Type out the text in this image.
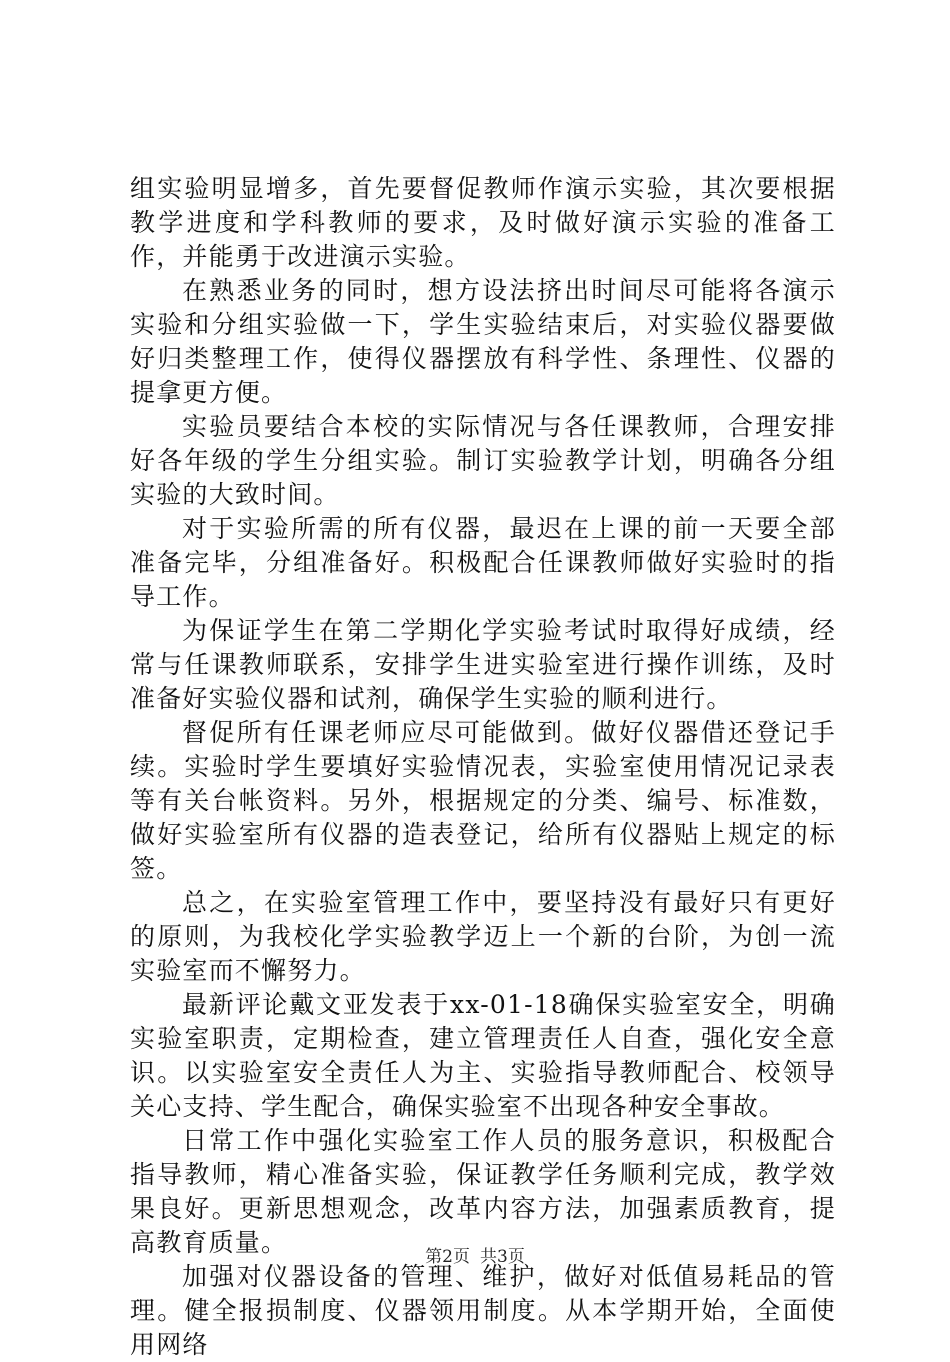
组实验明显增多，首先要督促教师作演示实验，其次要根据教学进度和学科教师的要求，及时做好演示实验的准备工作，并能勇于改进演示实验。

在熟悉业务的同时，想方设法挤出时间尽可能将各演示实验和分组实验做一下，学生实验结束后，对实验仪器要做好归类整理工作，使得仪器摆放有科学性、条理性、仪器的提拿更方便。

实验员要结合本校的实际情况与各任课教师，合理安排好各年级的学生分组实验。制订实验教学计划，明确各分组实验的大致时间。

对于实验所需的所有仪器，最迟在上课的前一天要全部准备完毕，分组准备好。积极配合任课教师做好实验时的指导工作。

为保证学生在第二学期化学实验考试时取得好成绩，经常与任课教师联系，安排学生进实验室进行操作训练，及时准备好实验仪器和试剂，确保学生实验的顺利进行。

督促所有任课老师应尽可能做到。做好仪器借还登记手续。实验时学生要填好实验情况表，实验室使用情况记录表等有关台帐资料。另外，根据规定的分类、编号、标准数，做好实验室所有仪器的造表登记，给所有仪器贴上规定的标签。

总之，在实验室管理工作中，要坚持没有最好只有更好的原则，为我校化学实验教学迈上一个新的台阶，为创一流实验室而不懈努力。

最新评论戴文亚发表于xx-01-18确保实验室安全，明确实验室职责，定期检查，建立管理责任人自查，强化安全意识。以实验室安全责任人为主、实验指导教师配合、校领导关心支持、学生配合，确保实验室不出现各种安全事故。

日常工作中强化实验室工作人员的服务意识，积极配合指导教师，精心准备实验，保证教学任务顺利完成，教学效果良好。更新思想观念，改革内容方法，加强素质教育，提高教育质量。

加强对仪器设备的管理、维护，做好对低值易耗品的管理。健全报损制度、仪器领用制度。从本学期开始，全面使用网络

第2页 共3页
